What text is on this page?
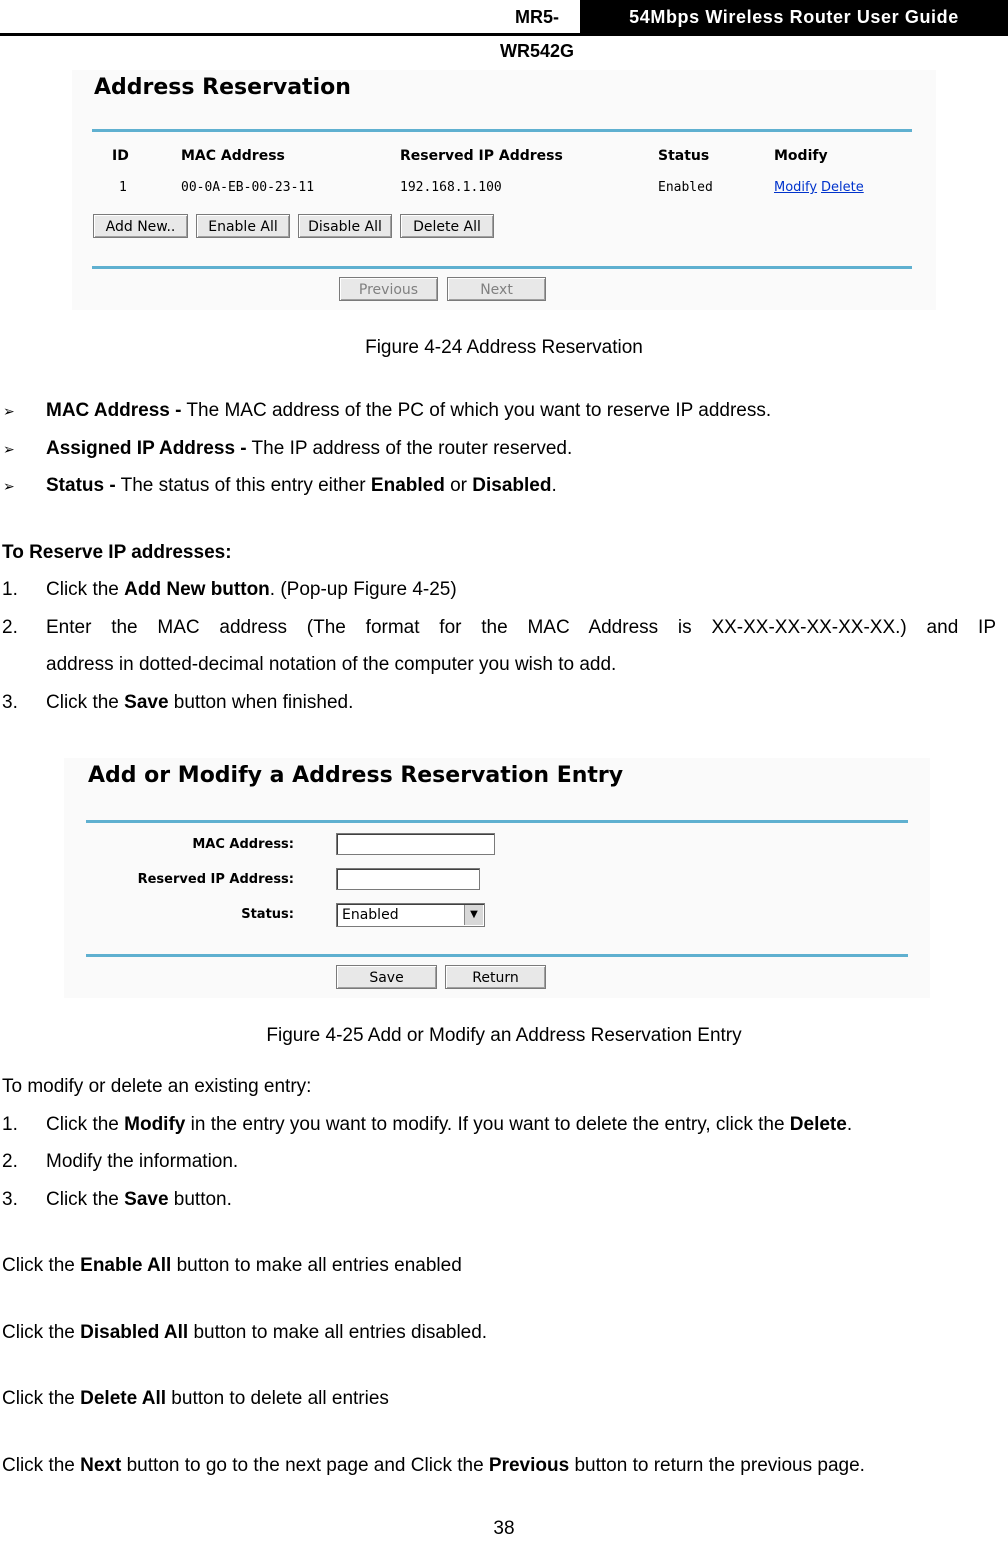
MR5-WR542G
54Mbps Wireless Router User Guide
Address Reservation
ID	MAC Address	Reserved IP Address	Status	Modify
1	00-0A-EB-00-23-11	192.168.1.100	Enabled	Modify Delete
Add New..	Enable All	Disable All	Delete All
Previous	Next
Figure 4-24 Address Reservation
➢ MAC Address - The MAC address of the PC of which you want to reserve IP address.
➢ Assigned IP Address - The IP address of the router reserved.
➢ Status - The status of this entry either Enabled or Disabled.
To Reserve IP addresses:
1. Click the Add New button. (Pop-up Figure 4-25)
2. Enter the MAC address (The format for the MAC Address is XX-XX-XX-XX-XX-XX.) and IP
address in dotted-decimal notation of the computer you wish to add.
3. Click the Save button when finished.
Add or Modify a Address Reservation Entry
MAC Address:
Reserved IP Address:
Status:	Enabled	▼
Save	Return
Figure 4-25 Add or Modify an Address Reservation Entry
To modify or delete an existing entry:
1. Click the Modify in the entry you want to modify. If you want to delete the entry, click the Delete.
2. Modify the information.
3. Click the Save button.
Click the Enable All button to make all entries enabled
Click the Disabled All button to make all entries disabled.
Click the Delete All button to delete all entries
Click the Next button to go to the next page and Click the Previous button to return the previous page.
38
